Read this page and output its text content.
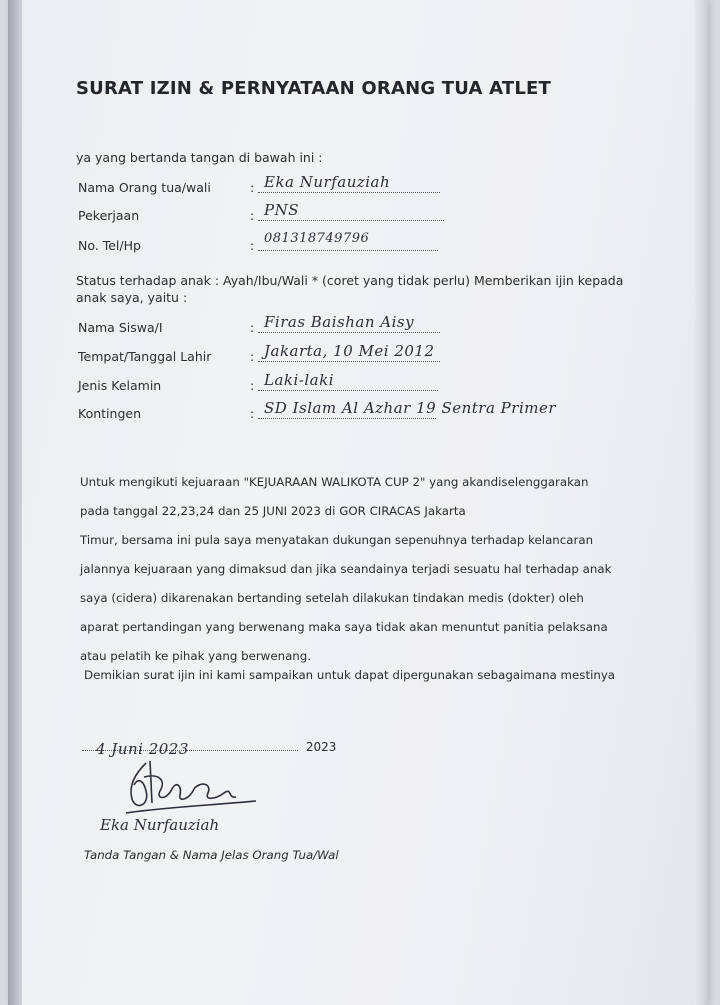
SURAT IZIN & PERNYATAAN ORANG TUA ATLET
ya yang bertanda tangan di bawah ini :
Nama Orang tua/wali	: Eka Nurfauziah
Pekerjaan	: PNS
No. Tel/Hp	: 081318749796
Status terhadap anak : Ayah/Ibu/Wali * (coret yang tidak perlu) Memberikan ijin kepada anak saya, yaitu :
Nama Siswa/I	: Firas Baishan Aisy
Tempat/Tanggal Lahir	: Jakarta, 10 Mei 2012
Jenis Kelamin	: Laki-laki
Kontingen	: SD Islam Al Azhar 19 Sentra Primer
Untuk mengikuti kejuaraan "KEJUARAAN WALIKOTA CUP 2" yang akandiselenggarakan
pada tanggal 22,23,24 dan 25 JUNI 2023 di GOR CIRACAS Jakarta
Timur, bersama ini pula saya menyatakan dukungan sepenuhnya terhadap kelancaran
jalannya kejuaraan yang dimaksud dan jika seandainya terjadi sesuatu hal terhadap anak
saya (cidera) dikarenakan bertanding setelah dilakukan tindakan medis (dokter) oleh
aparat pertandingan yang berwenang maka saya tidak akan menuntut panitia pelaksana
atau pelatih ke pihak yang berwenang.
Demikian surat ijin ini kami sampaikan untuk dapat dipergunakan sebagaimana mestinya
4 Juni 2023	2023
Eka Nurfauziah
Tanda Tangan & Nama Jelas Orang Tua/Wal
